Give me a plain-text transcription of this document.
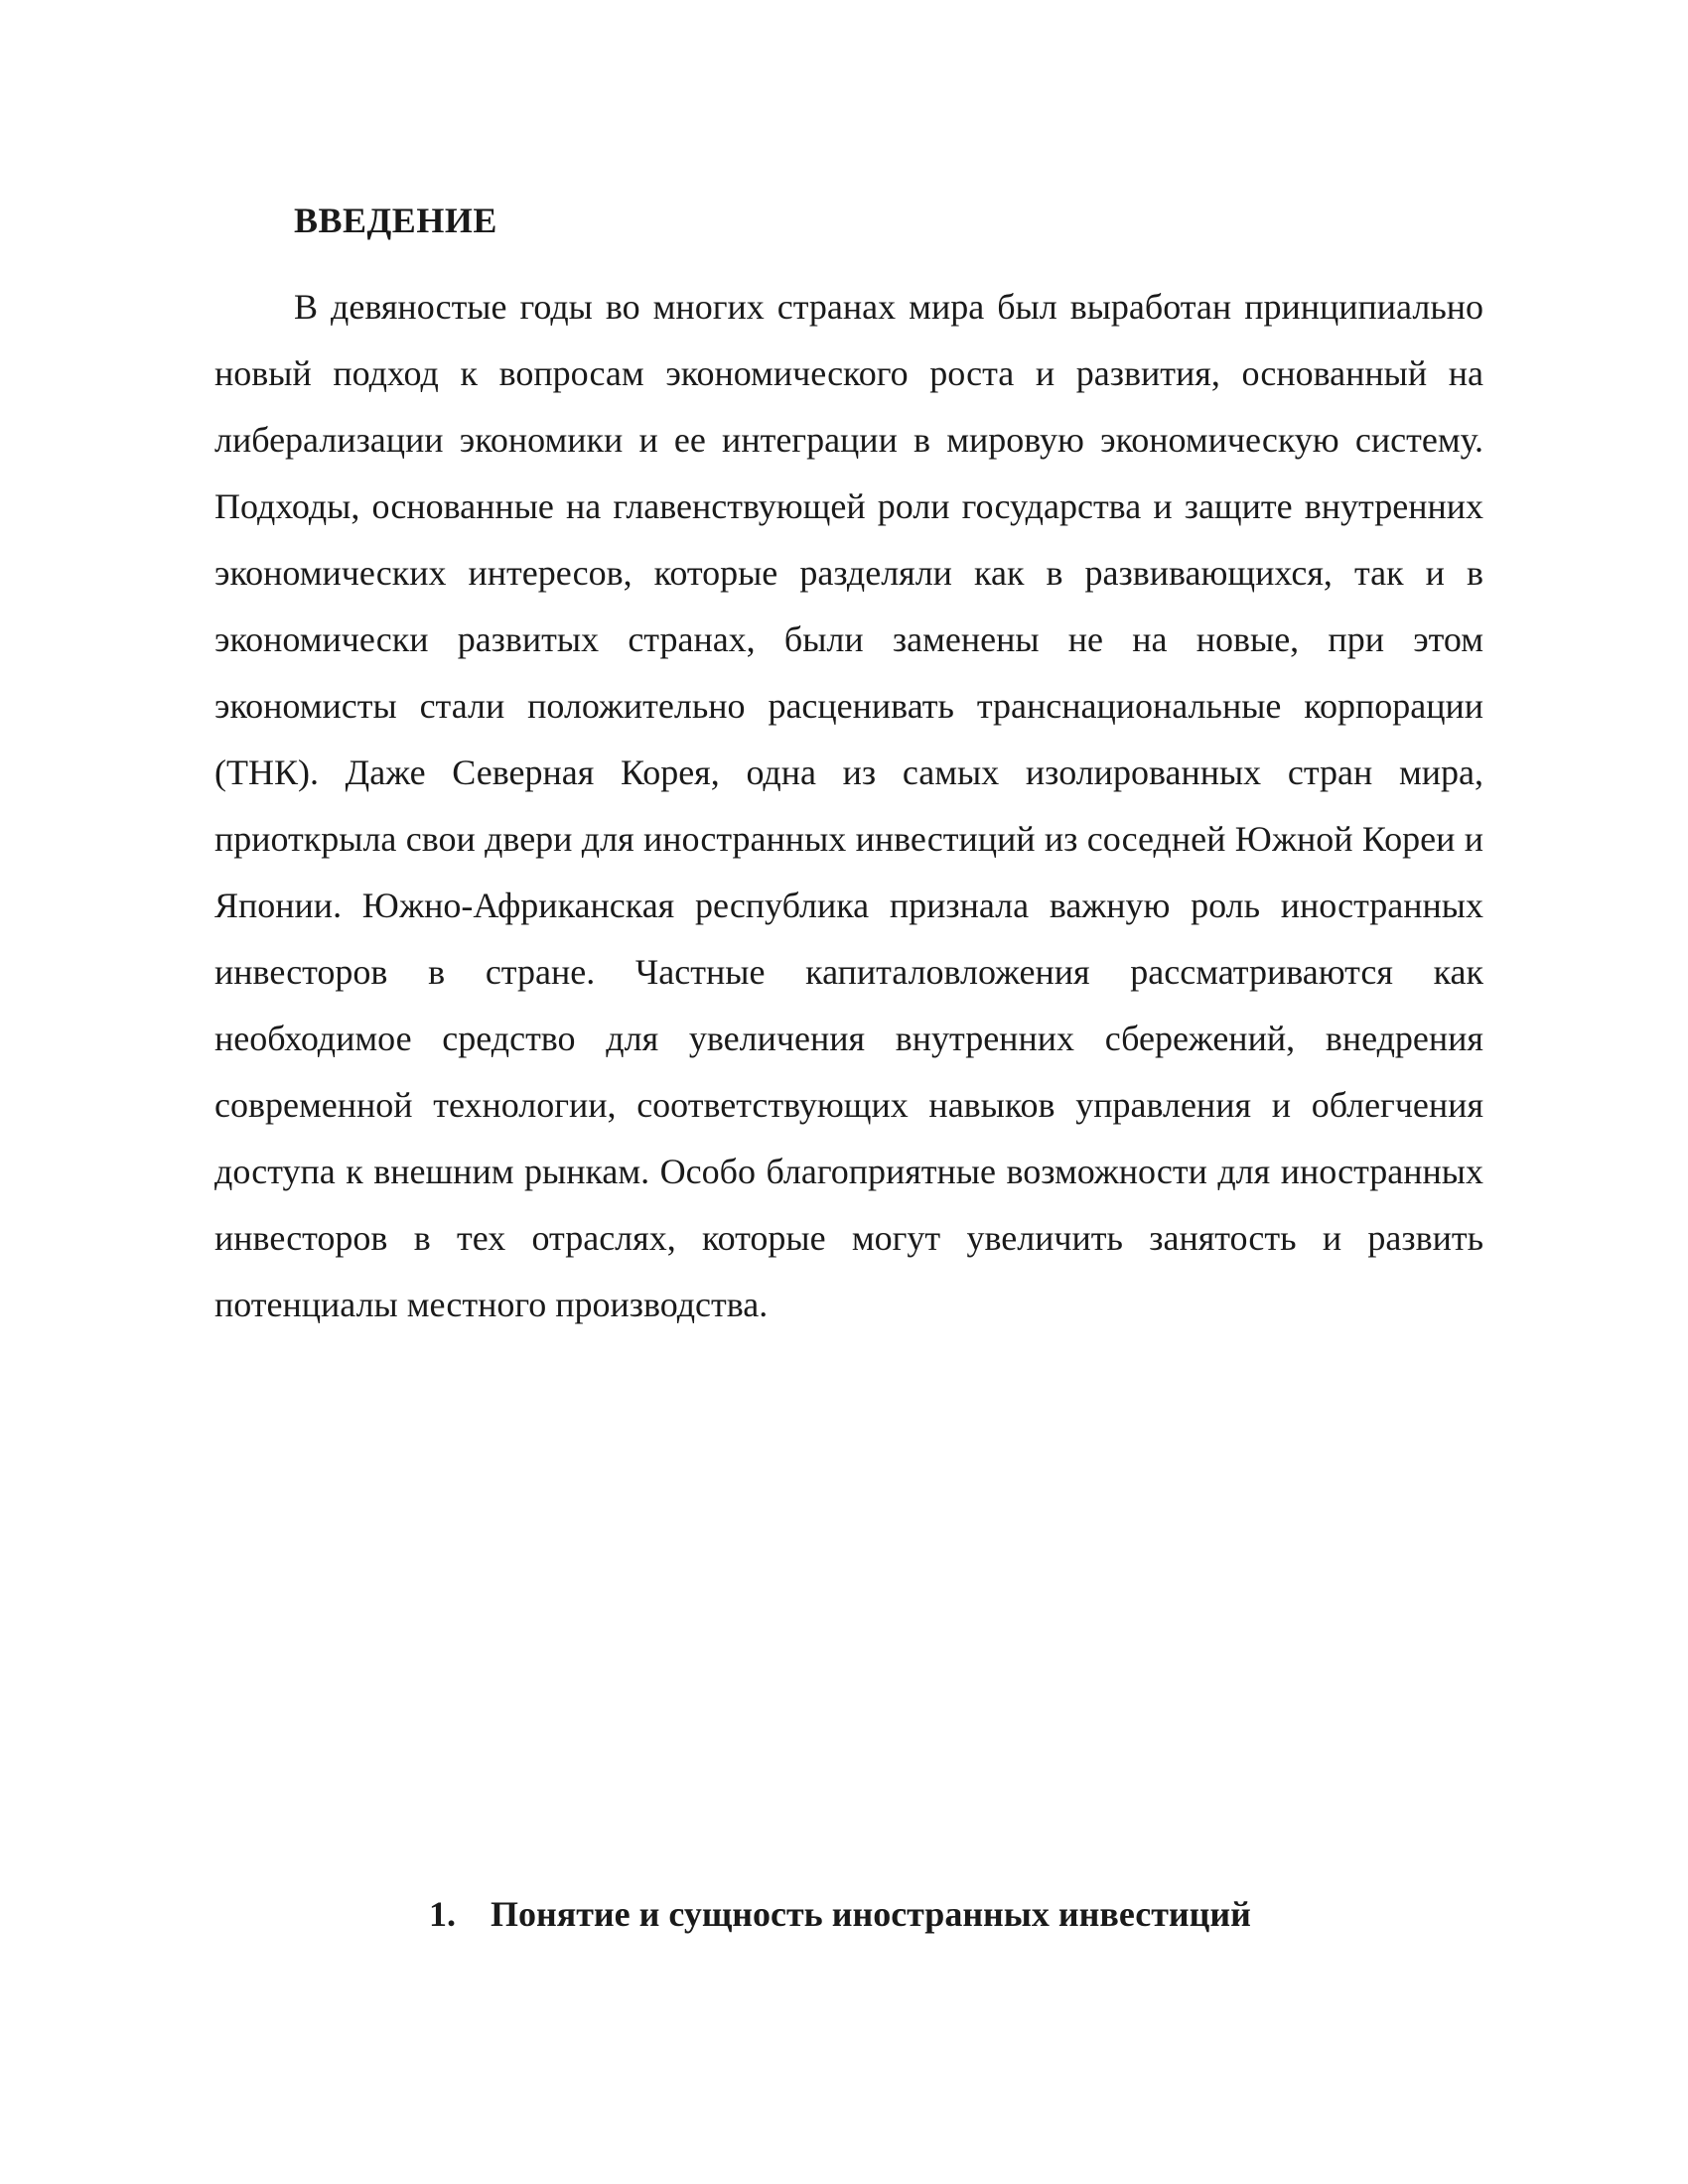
ВВЕДЕНИЕ

В девяностые годы во многих странах мира был выработан принципиально новый подход к вопросам экономического роста и развития, основанный на либерализации экономики и ее интеграции в мировую экономическую систему. Подходы, основанные на главенствующей роли государства и защите внутренних экономических интересов, которые разделяли как в развивающихся, так и в экономически развитых странах, были заменены не на новые, при этом экономисты стали положительно расценивать транснациональные корпорации (ТНК). Даже Северная Корея, одна из самых изолированных стран мира, приоткрыла свои двери для иностранных инвестиций из соседней Южной Кореи и Японии. Южно-Африканская республика признала важную роль иностранных инвесторов в стране. Частные капиталовложения рассматриваются как необходимое средство для увеличения внутренних сбережений, внедрения современной технологии, соответствующих навыков управления и облегчения доступа к внешним рынкам. Особо благоприятные возможности для иностранных инвесторов в тех отраслях, которые могут увеличить занятость и развить потенциалы местного производства.

1. Понятие и сущность иностранных инвестиций
